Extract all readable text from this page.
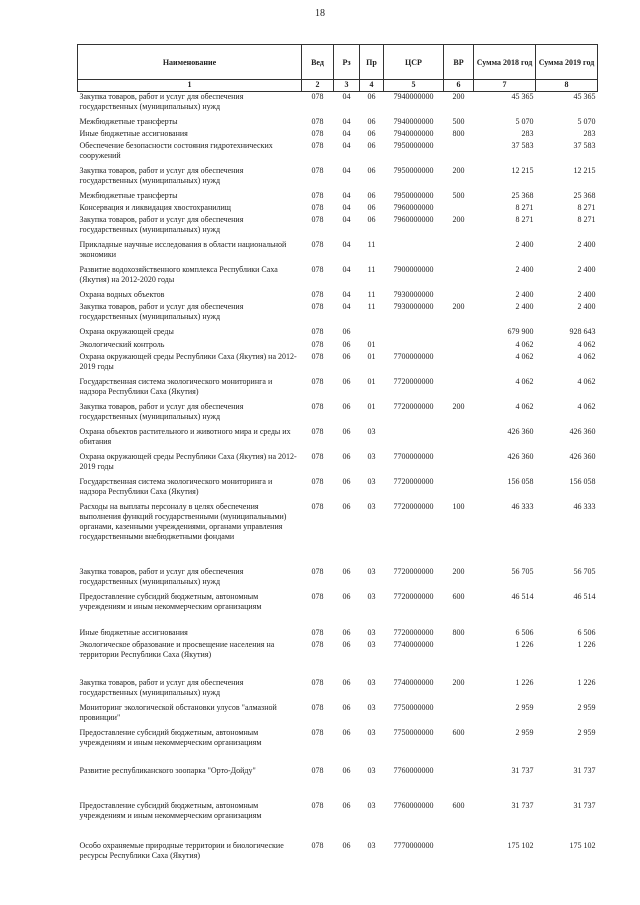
18
Наименование	Вед	Рз	Пр	ЦСР	ВР	Сумма 2018 год	Сумма 2019 год
1	2	3	4	5	6	7	8
Закупка товаров, работ и услуг для обеспечения государственных (муниципальных) нужд	078	04	06	7940000000	200	45 365	45 365
Межбюджетные трансферты	078	04	06	7940000000	500	5 070	5 070
Иные бюджетные ассигнования	078	04	06	7940000000	800	283	283
Обеспечение безопасности состояния гидротехнических сооружений	078	04	06	7950000000		37 583	37 583
Закупка товаров, работ и услуг для обеспечения государственных (муниципальных) нужд	078	04	06	7950000000	200	12 215	12 215
Межбюджетные трансферты	078	04	06	7950000000	500	25 368	25 368
Консервация и ликвидация хвостохранилищ	078	04	06	7960000000		8 271	8 271
Закупка товаров, работ и услуг для обеспечения государственных (муниципальных) нужд	078	04	06	7960000000	200	8 271	8 271
Прикладные научные исследования в области национальной экономики	078	04	11			2 400	2 400
Развитие водохозяйственного комплекса Республики Саха (Якутия) на 2012-2020 годы	078	04	11	7900000000		2 400	2 400
Охрана водных объектов	078	04	11	7930000000		2 400	2 400
Закупка товаров, работ и услуг для обеспечения государственных (муниципальных) нужд	078	04	11	7930000000	200	2 400	2 400
Охрана окружающей среды	078	06				679 900	928 643
Экологический контроль	078	06	01			4 062	4 062
Охрана окружающей среды Республики Саха (Якутия) на 2012-2019 годы	078	06	01	7700000000		4 062	4 062
Государственная система экологического мониторинга и надзора Республики Саха (Якутия)	078	06	01	7720000000		4 062	4 062
Закупка товаров, работ и услуг для обеспечения государственных (муниципальных) нужд	078	06	01	7720000000	200	4 062	4 062
Охрана объектов растительного и животного мира и среды их обитания	078	06	03			426 360	426 360
Охрана окружающей среды Республики Саха (Якутия) на 2012-2019 годы	078	06	03	7700000000		426 360	426 360
Государственная система экологического мониторинга и надзора Республики Саха (Якутия)	078	06	03	7720000000		156 058	156 058
Расходы на выплаты персоналу в целях обеспечения выполнения функций государственными (муниципальными) органами, казенными учреждениями, органами управления государственными внебюджетными фондами	078	06	03	7720000000	100	46 333	46 333
Закупка товаров, работ и услуг для обеспечения государственных (муниципальных) нужд	078	06	03	7720000000	200	56 705	56 705
Предоставление субсидий бюджетным, автономным учреждениям и иным некоммерческим организациям	078	06	03	7720000000	600	46 514	46 514
Иные бюджетные ассигнования	078	06	03	7720000000	800	6 506	6 506
Экологическое образование и просвещение населения на территории Республики Саха (Якутия)	078	06	03	7740000000		1 226	1 226
Закупка товаров, работ и услуг для обеспечения государственных (муниципальных) нужд	078	06	03	7740000000	200	1 226	1 226
Мониторинг экологической обстановки улусов "алмазной провинции"	078	06	03	7750000000		2 959	2 959
Предоставление субсидий бюджетным, автономным учреждениям и иным некоммерческим организациям	078	06	03	7750000000	600	2 959	2 959
Развитие республиканского зоопарка "Орто-Дойду"	078	06	03	7760000000		31 737	31 737
Предоставление субсидий бюджетным, автономным учреждениям и иным некоммерческим организациям	078	06	03	7760000000	600	31 737	31 737
Особо охраняемые природные территории и биологические ресурсы Республики Саха (Якутия)	078	06	03	7770000000		175 102	175 102
